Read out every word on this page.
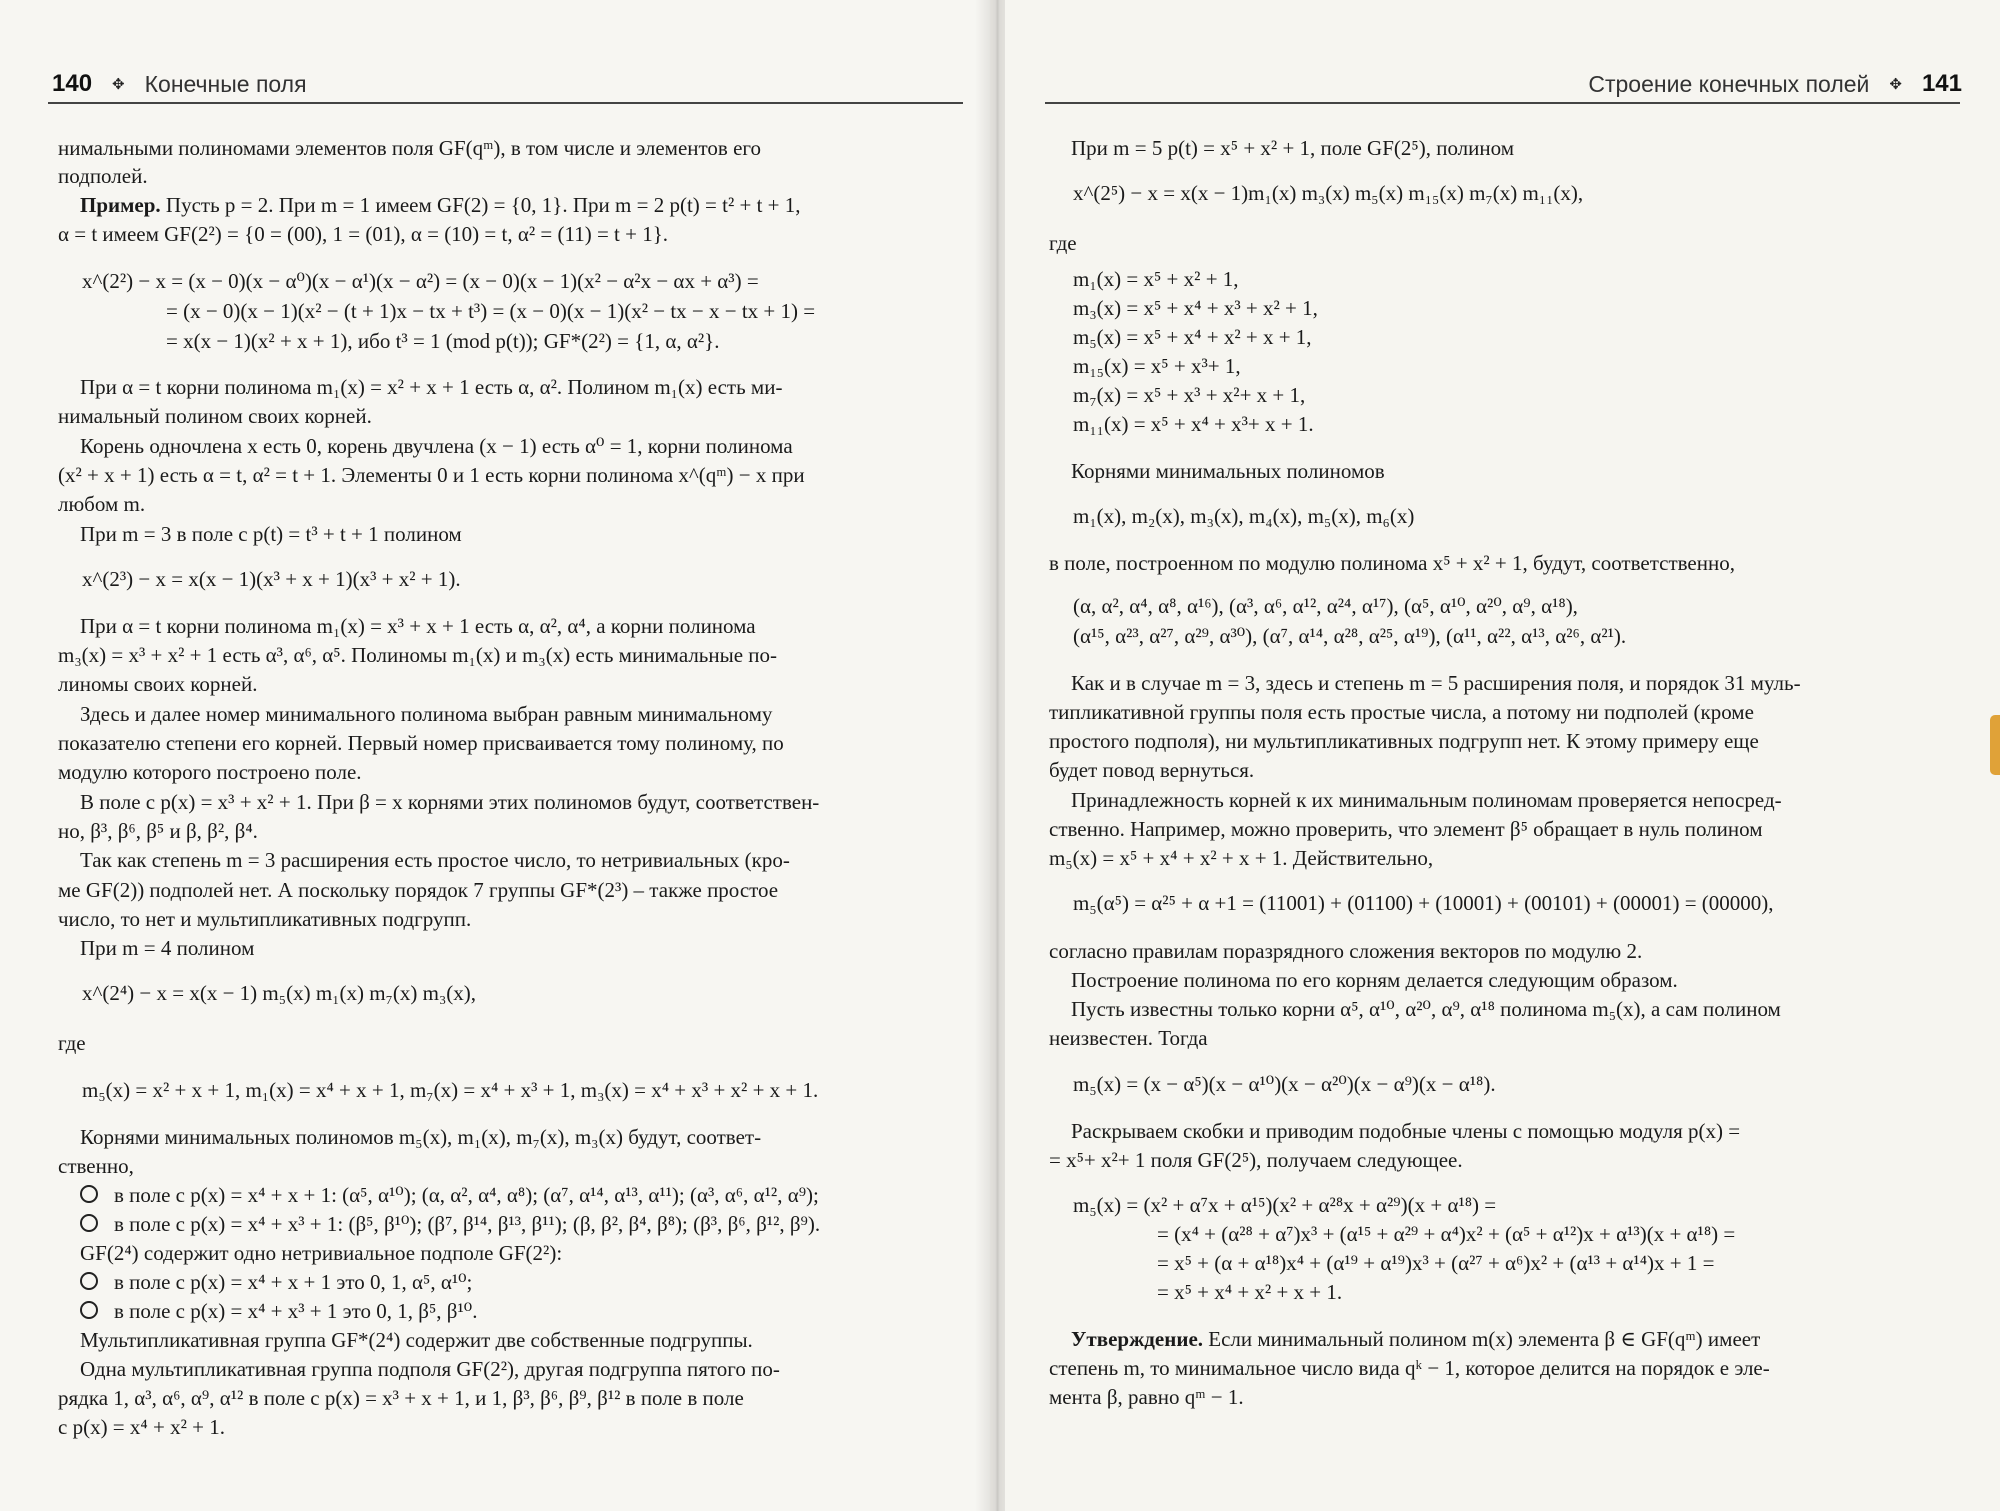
140 ✥ Конечные поля
нимальными полиномами элементов поля GF(qᵐ), в том числе и элементов его
подполей.
Пример. Пусть p = 2. При m = 1 имеем GF(2) = {0, 1}. При m = 2 p(t) = t² + t + 1,
α = t имеем GF(2²) = {0 = (00), 1 = (01), α = (10) = t, α² = (11) = t + 1}.
x^(2²) − x = (x − 0)(x − α⁰)(x − α¹)(x − α²) = (x − 0)(x − 1)(x² − α²x − αx + α³) =
= (x − 0)(x − 1)(x² − (t + 1)x − tx + t³) = (x − 0)(x − 1)(x² − tx − x − tx + 1) =
= x(x − 1)(x² + x + 1), ибо t³ = 1 (mod p(t)); GF*(2²) = {1, α, α²}.
При α = t корни полинома m₁(x) = x² + x + 1 есть α, α². Полином m₁(x) есть ми-
нимальный полином своих корней.
Корень одночлена x есть 0, корень двучлена (x − 1) есть α⁰ = 1, корни полинома
(x² + x + 1) есть α = t, α² = t + 1. Элементы 0 и 1 есть корни полинома x^(qᵐ) − x при
любом m.
При m = 3 в поле с p(t) = t³ + t + 1 полином
x^(2³) − x = x(x − 1)(x³ + x + 1)(x³ + x² + 1).
При α = t корни полинома m₁(x) = x³ + x + 1 есть α, α², α⁴, а корни полинома
m₃(x) = x³ + x² + 1 есть α³, α⁶, α⁵. Полиномы m₁(x) и m₃(x) есть минимальные по-
линомы своих корней.
Здесь и далее номер минимального полинома выбран равным минимальному
показателю степени его корней. Первый номер присваивается тому полиному, по
модулю которого построено поле.
В поле с p(x) = x³ + x² + 1. При β = x корнями этих полиномов будут, соответствен-
но, β³, β⁶, β⁵ и β, β², β⁴.
Так как степень m = 3 расширения есть простое число, то нетривиальных (кро-
ме GF(2)) подполей нет. А поскольку порядок 7 группы GF*(2³) – также простое
число, то нет и мультипликативных подгрупп.
При m = 4 полином
x^(2⁴) − x = x(x − 1) m₅(x) m₁(x) m₇(x) m₃(x),
где
m₅(x) = x² + x + 1, m₁(x) = x⁴ + x + 1, m₇(x) = x⁴ + x³ + 1, m₃(x) = x⁴ + x³ + x² + x + 1.
Корнями минимальных полиномов m₅(x), m₁(x), m₇(x), m₃(x) будут, соответ-
ственно,
в поле с p(x) = x⁴ + x + 1: (α⁵, α¹⁰); (α, α², α⁴, α⁸); (α⁷, α¹⁴, α¹³, α¹¹); (α³, α⁶, α¹², α⁹);
в поле с p(x) = x⁴ + x³ + 1: (β⁵, β¹⁰); (β⁷, β¹⁴, β¹³, β¹¹); (β, β², β⁴, β⁸); (β³, β⁶, β¹², β⁹).
GF(2⁴) содержит одно нетривиальное подполе GF(2²):
в поле с p(x) = x⁴ + x + 1 это 0, 1, α⁵, α¹⁰;
в поле с p(x) = x⁴ + x³ + 1 это 0, 1, β⁵, β¹⁰.
Мультипликативная группа GF*(2⁴) содержит две собственные подгруппы.
Одна мультипликативная группа подполя GF(2²), другая подгруппа пятого по-
рядка 1, α³, α⁶, α⁹, α¹² в поле с p(x) = x³ + x + 1, и 1, β³, β⁶, β⁹, β¹² в поле в поле
с p(x) = x⁴ + x² + 1.
Строение конечных полей ✥ 141
При m = 5 p(t) = x⁵ + x² + 1, поле GF(2⁵), полином
x^(2⁵) − x = x(x − 1)m₁(x) m₃(x) m₅(x) m₁₅(x) m₇(x) m₁₁(x),
где
m₁(x) = x⁵ + x² + 1,
m₃(x) = x⁵ + x⁴ + x³ + x² + 1,
m₅(x) = x⁵ + x⁴ + x² + x + 1,
m₁₅(x) = x⁵ + x³+ 1,
m₇(x) = x⁵ + x³ + x²+ x + 1,
m₁₁(x) = x⁵ + x⁴ + x³+ x + 1.
Корнями минимальных полиномов
m₁(x), m₂(x), m₃(x), m₄(x), m₅(x), m₆(x)
в поле, построенном по модулю полинома x⁵ + x² + 1, будут, соответственно,
(α, α², α⁴, α⁸, α¹⁶), (α³, α⁶, α¹², α²⁴, α¹⁷), (α⁵, α¹⁰, α²⁰, α⁹, α¹⁸),
(α¹⁵, α²³, α²⁷, α²⁹, α³⁰), (α⁷, α¹⁴, α²⁸, α²⁵, α¹⁹), (α¹¹, α²², α¹³, α²⁶, α²¹).
Как и в случае m = 3, здесь и степень m = 5 расширения поля, и порядок 31 муль-
типликативной группы поля есть простые числа, а потому ни подполей (кроме
простого подполя), ни мультипликативных подгрупп нет. К этому примеру еще
будет повод вернуться.
Принадлежность корней к их минимальным полиномам проверяется непосред-
ственно. Например, можно проверить, что элемент β⁵ обращает в нуль полином
m₅(x) = x⁵ + x⁴ + x² + x + 1. Действительно,
m₅(α⁵) = α²⁵ + α +1 = (11001) + (01100) + (10001) + (00101) + (00001) = (00000),
согласно правилам поразрядного сложения векторов по модулю 2.
Построение полинома по его корням делается следующим образом.
Пусть известны только корни α⁵, α¹⁰, α²⁰, α⁹, α¹⁸ полинома m₅(x), а сам полином
неизвестен. Тогда
m₅(x) = (x − α⁵)(x − α¹⁰)(x − α²⁰)(x − α⁹)(x − α¹⁸).
Раскрываем скобки и приводим подобные члены с помощью модуля p(x) =
= x⁵+ x²+ 1 поля GF(2⁵), получаем следующее.
m₅(x) = (x² + α⁷x + α¹⁵)(x² + α²⁸x + α²⁹)(x + α¹⁸) =
= (x⁴ + (α²⁸ + α⁷)x³ + (α¹⁵ + α²⁹ + α⁴)x² + (α⁵ + α¹²)x + α¹³)(x + α¹⁸) =
= x⁵ + (α + α¹⁸)x⁴ + (α¹⁹ + α¹⁹)x³ + (α²⁷ + α⁶)x² + (α¹³ + α¹⁴)x + 1 =
= x⁵ + x⁴ + x² + x + 1.
Утверждение. Если минимальный полином m(x) элемента β ∈ GF(qᵐ) имеет
степень m, то минимальное число вида qᵏ − 1, которое делится на порядок e эле-
мента β, равно qᵐ − 1.
